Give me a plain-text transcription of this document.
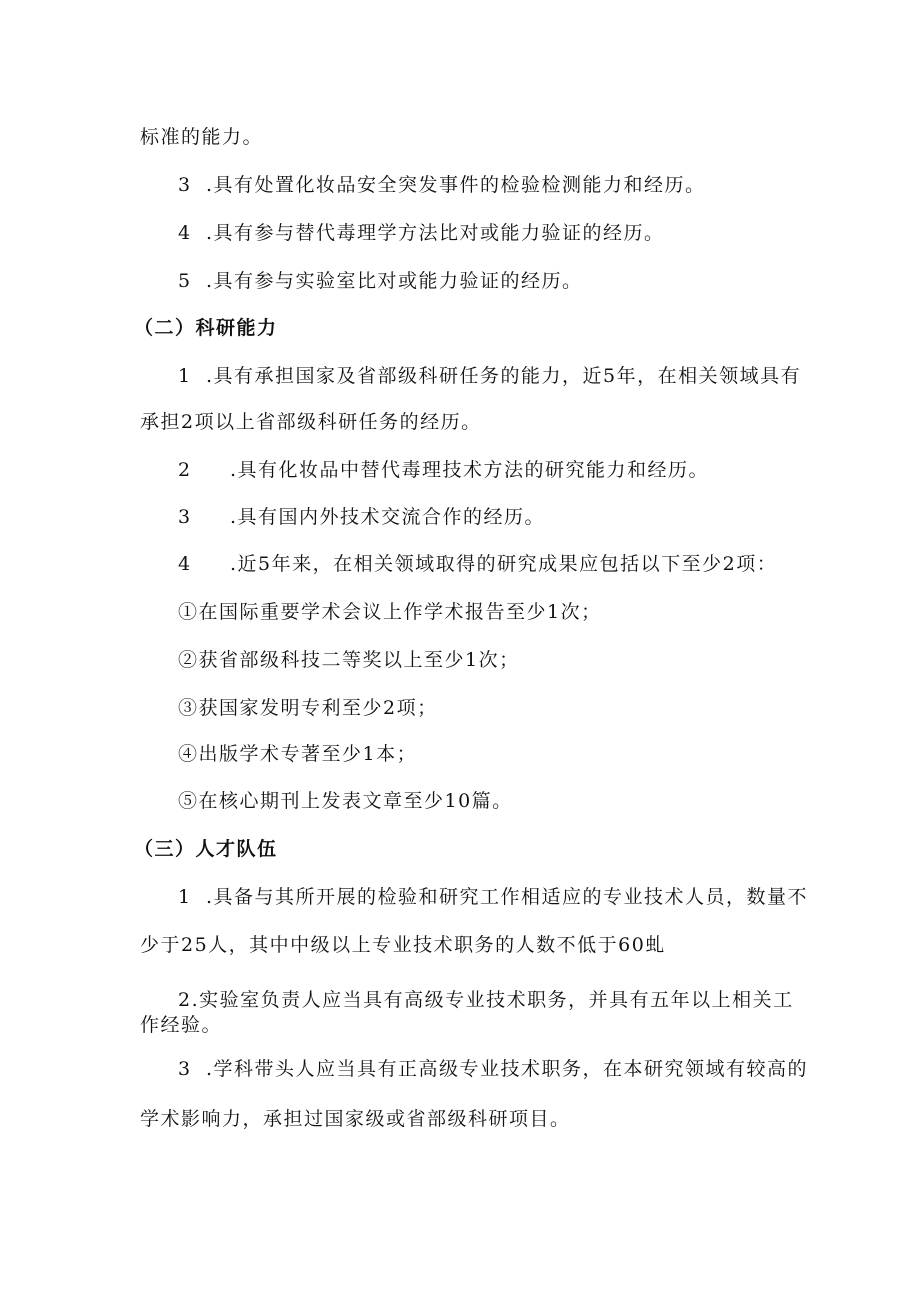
标准的能力。
3 .具有处置化妆品安全突发事件的检验检测能力和经历。
4 .具有参与替代毒理学方法比对或能力验证的经历。
5 .具有参与实验室比对或能力验证的经历。
（二）科研能力
1 .具有承担国家及省部级科研任务的能力，近5年，在相关领域具有
承担2项以上省部级科研任务的经历。
2 .具有化妆品中替代毒理技术方法的研究能力和经历。
3 .具有国内外技术交流合作的经历。
4 .近5年来，在相关领域取得的研究成果应包括以下至少2项：
①在国际重要学术会议上作学术报告至少1次；
②获省部级科技二等奖以上至少1次；
③获国家发明专利至少2项；
④出版学术专著至少1本；
⑤在核心期刊上发表文章至少10篇。
（三）人才队伍
1 .具备与其所开展的检验和研究工作相适应的专业技术人员，数量不
少于25人，其中中级以上专业技术职务的人数不低于60虬
2.实验室负责人应当具有高级专业技术职务，并具有五年以上相关工
作经验。
3 .学科带头人应当具有正高级专业技术职务，在本研究领域有较高的
学术影响力，承担过国家级或省部级科研项目。
